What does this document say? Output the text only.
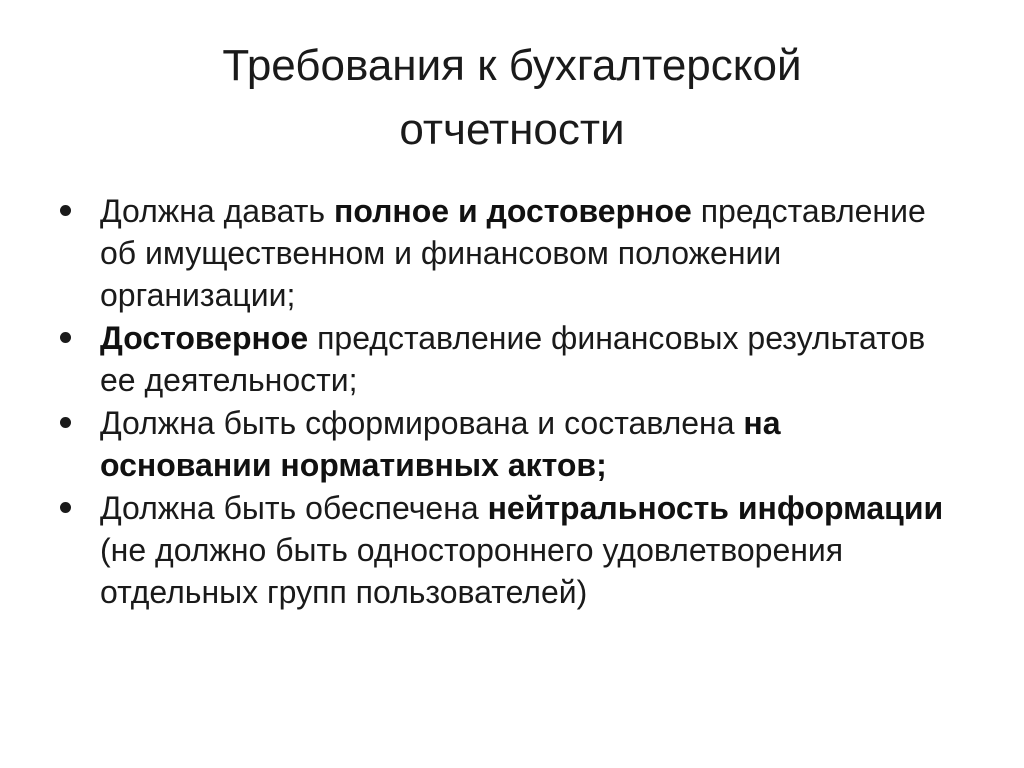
Требования к бухгалтерской
отчетности
Должна давать полное и достоверное представление об имущественном и финансовом положении организации;
Достоверное представление финансовых результатов ее деятельности;
Должна быть сформирована и составлена на основании нормативных актов;
Должна быть обеспечена нейтральность информации (не должно быть одностороннего удовлетворения отдельных групп пользователей)
